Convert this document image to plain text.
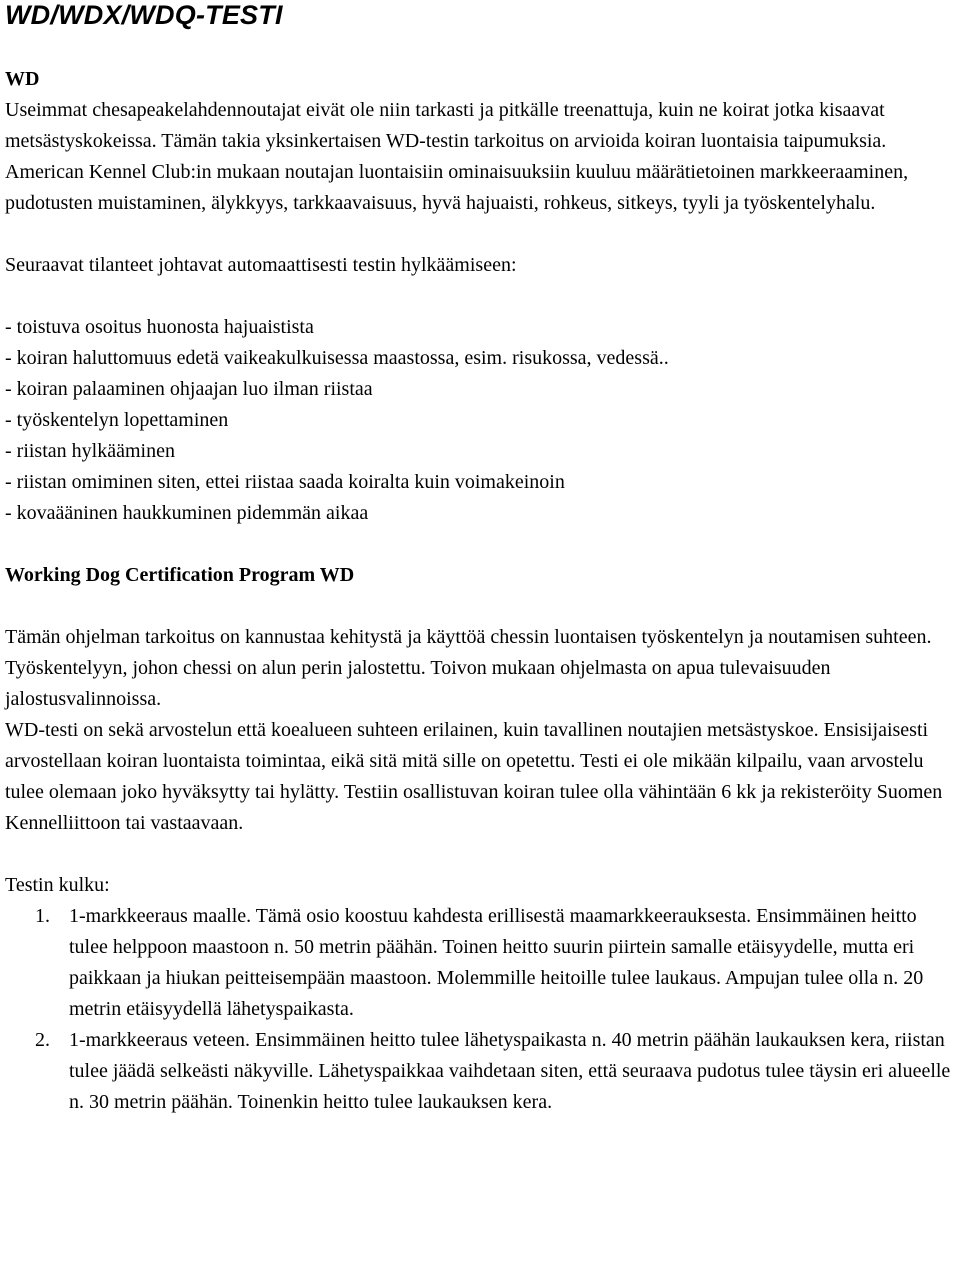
WD/WDX/WDQ-TESTI
WD

Useimmat chesapeakelahdennoutajat eivät ole niin tarkasti ja pitkälle treenattuja, kuin ne koirat jotka kisaavat metsästyskokeissa. Tämän takia yksinkertaisen WD-testin tarkoitus on arvioida koiran luontaisia taipumuksia. American Kennel Club:in mukaan noutajan luontaisiin ominaisuuksiin kuuluu määrätietoinen markkeeraaminen, pudotusten muistaminen, älykkyys, tarkkaavaisuus, hyvä hajuaisti, rohkeus, sitkeys, tyyli ja työskentelyhalu.

Seuraavat tilanteet johtavat automaattisesti testin hylkäämiseen:

- toistuva osoitus huonosta hajuaistista

- koiran haluttomuus edetä vaikeakulkuisessa maastossa, esim. risukossa, vedessä..

- koiran palaaminen ohjaajan luo ilman riistaa

- työskentelyn lopettaminen

- riistan hylkääminen

- riistan omiminen siten, ettei riistaa saada koiralta kuin voimakeinoin

- kovaääninen haukkuminen pidemmän aikaa

Working Dog Certification Program WD

Tämän ohjelman tarkoitus on kannustaa kehitystä ja käyttöä chessin luontaisen työskentelyn ja noutamisen suhteen. Työskentelyyn, johon chessi on alun perin jalostettu. Toivon mukaan ohjelmasta on apua tulevaisuuden jalostusvalinnoissa.

WD-testi on sekä arvostelun että koealueen suhteen erilainen, kuin tavallinen noutajien metsästyskoe. Ensisijaisesti arvostellaan koiran luontaista toimintaa, eikä sitä mitä sille on opetettu. Testi ei ole mikään kilpailu, vaan arvostelu tulee olemaan joko hyväksytty tai hylätty. Testiin osallistuvan koiran tulee olla vähintään 6 kk ja rekisteröity Suomen Kennelliittoon tai vastaavaan.

Testin kulku:

1. 1-markkeeraus maalle. Tämä osio koostuu kahdesta erillisestä maamarkkeerauksesta. Ensimmäinen heitto tulee helppoon maastoon n. 50 metrin päähän. Toinen heitto suurin piirtein samalle etäisyydelle, mutta eri paikkaan ja hiukan peitteisempään maastoon. Molemmille heitoille tulee laukaus. Ampujan tulee olla n. 20 metrin etäisyydellä lähetyspaikasta.
2. 1-markkeeraus veteen. Ensimmäinen heitto tulee lähetyspaikasta n. 40 metrin päähän laukauksen kera, riistan tulee jäädä selkeästi näkyville. Lähetyspaikkaa vaihdetaan siten, että seuraava pudotus tulee täysin eri alueelle n. 30 metrin päähän. Toinenkin heitto tulee laukauksen kera.
